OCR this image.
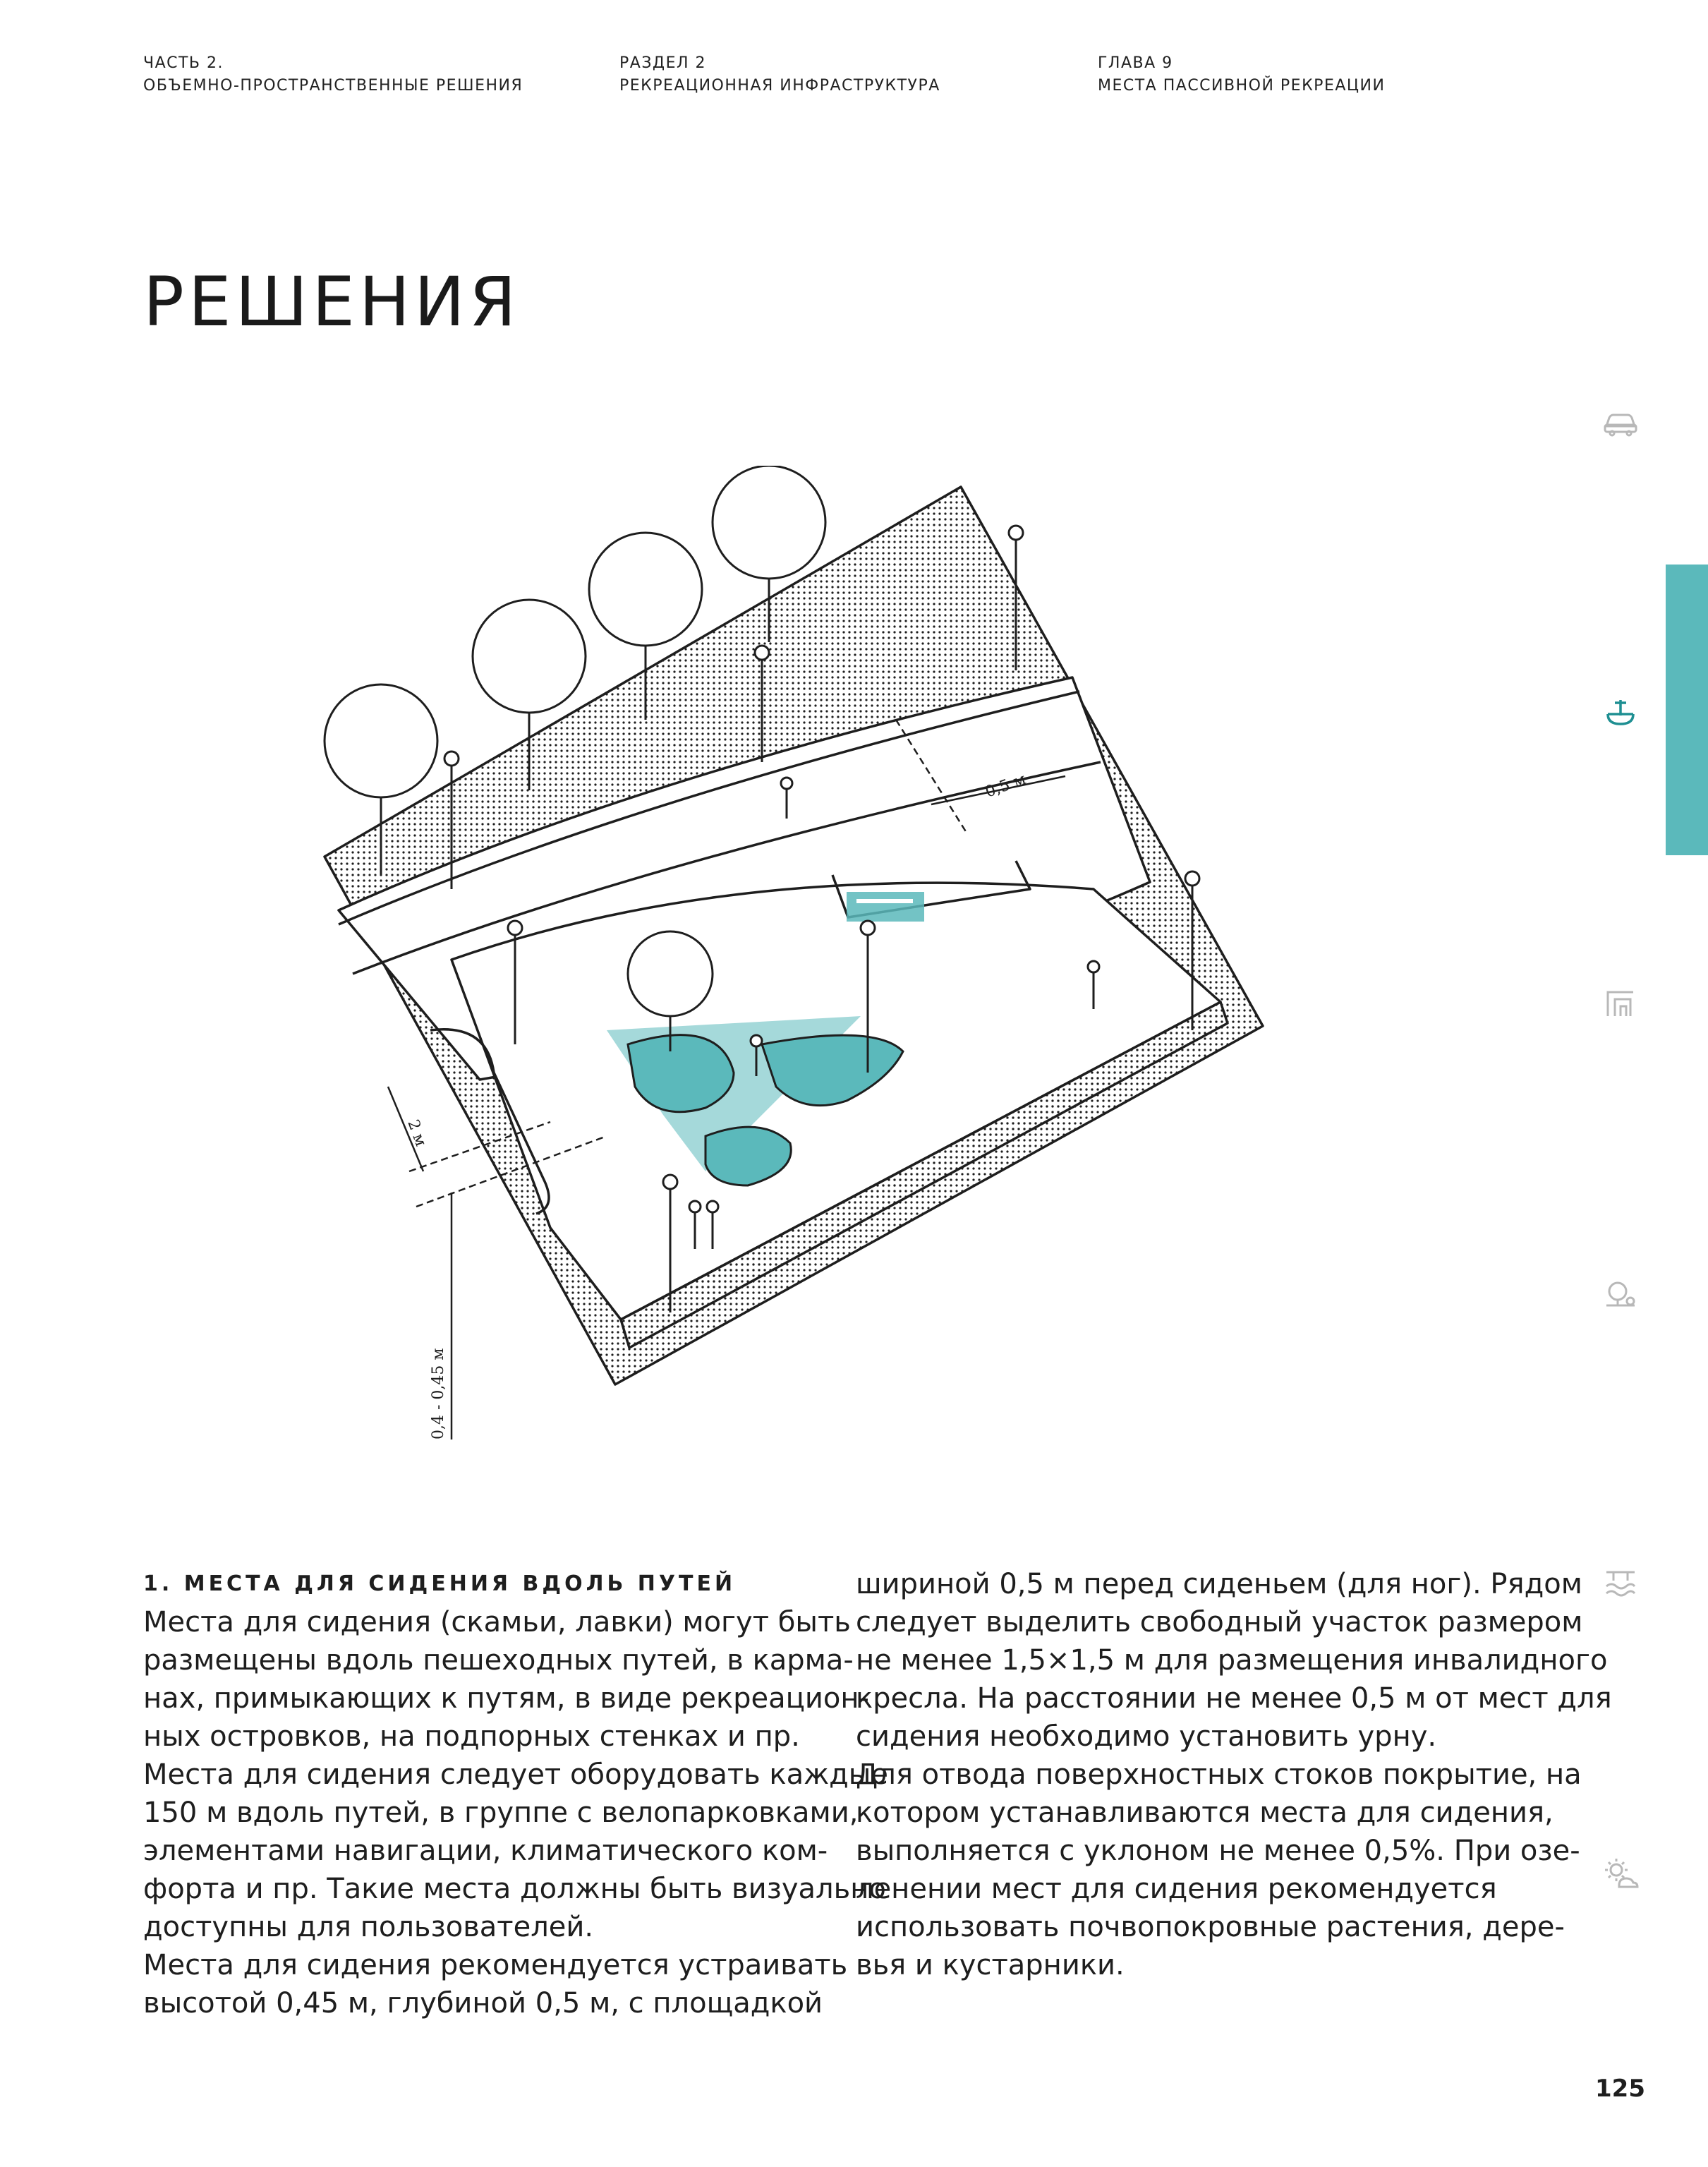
ЧАСТЬ 2.
ОБЪЕМНО-ПРОСТРАНСТВЕННЫЕ РЕШЕНИЯ
РАЗДЕЛ 2
РЕКРЕАЦИОННАЯ ИНФРАСТРУКТУРА
ГЛАВА 9
МЕСТА ПАССИВНОЙ РЕКРЕАЦИИ
РЕШЕНИЯ
0,5 м
2 м
0,4 - 0,45 м
1. МЕСТА ДЛЯ СИДЕНИЯ ВДОЛЬ ПУТЕЙ

Места для сидения (скамьи, лавки) могут быть

размещены вдоль пешеходных путей, в карма-

нах, примыкающих к путям, в виде рекреацион-

ных островков, на подпорных стенках и пр.

Места для сидения следует оборудовать каждые

150 м вдоль путей, в группе с велопарковками,

элементами навигации, климатического ком-

форта и пр. Такие места должны быть визуально

доступны для пользователей.

Места для сидения рекомендуется устраивать

высотой 0,45 м, глубиной 0,5 м, с площадкой

шириной 0,5 м перед сиденьем (для ног). Рядом

следует выделить свободный участок размером

не менее 1,5×1,5 м для размещения инвалидного

кресла. На расстоянии не менее 0,5 м от мест для

сидения необходимо установить урну.

Для отвода поверхностных стоков покрытие, на

котором устанавливаются места для сидения,

выполняется с уклоном не менее 0,5%. При озе-

ленении мест для сидения рекомендуется

использовать почвопокровные растения, дере-

вья и кустарники.

125
